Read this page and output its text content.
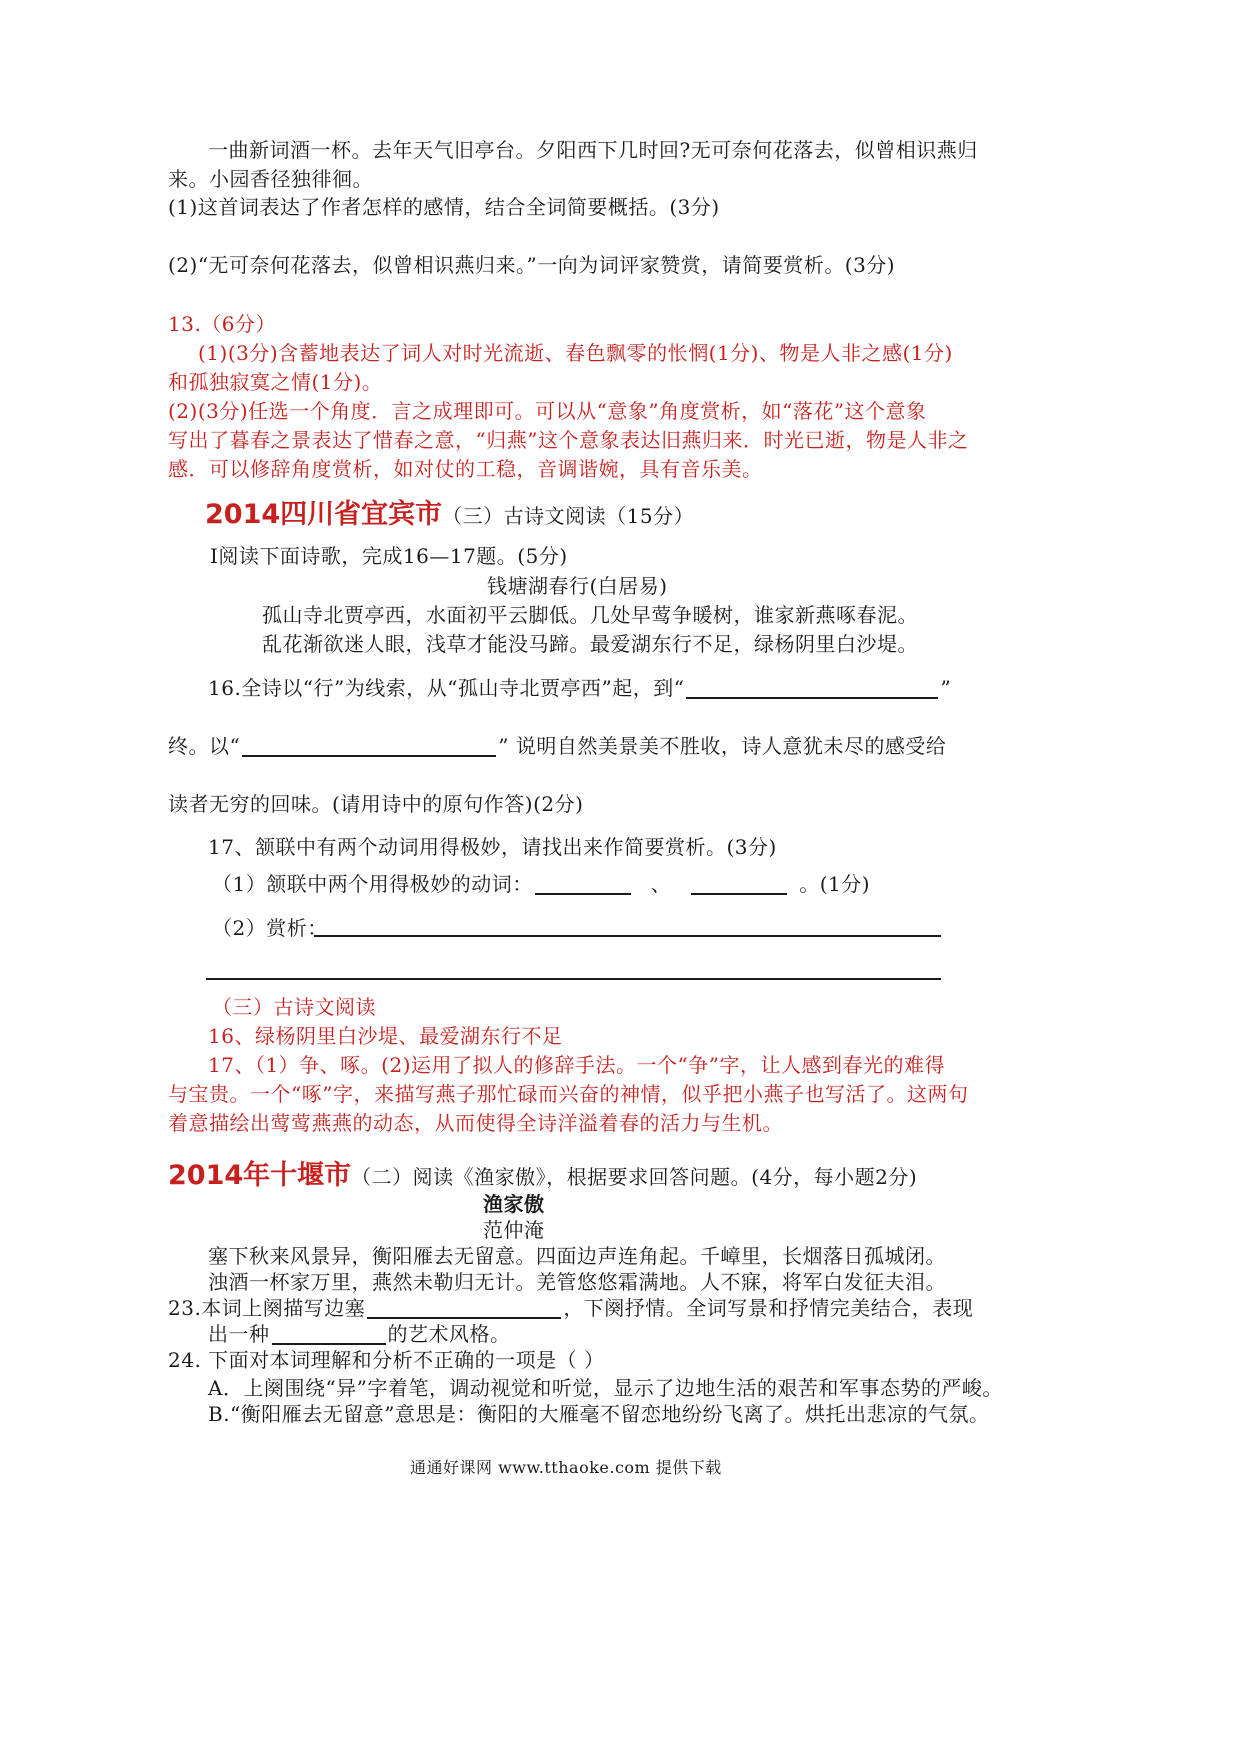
一曲新词酒一杯。去年天气旧亭台。夕阳西下几时回?无可奈何花落去，似曾相识燕归
来。小园香径独徘徊。
(1)这首词表达了作者怎样的感情，结合全词简要概括。(3分)
(2)“无可奈何花落去，似曾相识燕归来。”一向为词评家赞赏，请简要赏析。(3分)
13.（6分）
(1)(3分)含蓄地表达了词人对时光流逝、春色飘零的怅惘(1分)、物是人非之感(1分)
和孤独寂寞之情(1分)。
(2)(3分)任选一个角度．言之成理即可。可以从“意象”角度赏析，如“落花”这个意象
写出了暮春之景表达了惜春之意，“归燕”这个意象表达旧燕归来．时光已逝，物是人非之
感．可以修辞角度赏析，如对仗的工稳，音调谐婉，具有音乐美。
2014四川省宜宾市（三）古诗文阅读（15分）
Ⅰ阅读下面诗歌，完成16—17题。(5分)
钱塘湖春行(白居易)
孤山寺北贾亭西，水面初平云脚低。几处早莺争暖树，谁家新燕啄春泥。
乱花渐欲迷人眼，浅草才能没马蹄。最爱湖东行不足，绿杨阴里白沙堤。
16.全诗以“行”为线索，从“孤山寺北贾亭西”起，到“	”
终。以“	” 说明自然美景美不胜收，诗人意犹未尽的感受给
读者无穷的回味。(请用诗中的原句作答)(2分)
17、颔联中有两个动词用得极妙，请找出来作简要赏析。(3分)
（1）颔联中两个用得极妙的动词：	、	。(1分)
（2）赏析：
（三）古诗文阅读
16、绿杨阴里白沙堤、最爱湖东行不足
17、（1）争、啄。(2)运用了拟人的修辞手法。一个“争”字，让人感到春光的难得
与宝贵。一个“啄”字，来描写燕子那忙碌而兴奋的神情，似乎把小燕子也写活了。这两句
着意描绘出莺莺燕燕的动态，从而使得全诗洋溢着春的活力与生机。
2014年十堰市（二）阅读《渔家傲》，根据要求回答问题。(4分，每小题2分)
渔家傲
范仲淹
塞下秋来风景异，衡阳雁去无留意。四面边声连角起。千嶂里，长烟落日孤城闭。
浊酒一杯家万里，燕然未勒归无计。羌管悠悠霜满地。人不寐，将军白发征夫泪。
23.本词上阕描写边塞	，下阕抒情。全词写景和抒情完美结合，表现
出一种	的艺术风格。
24. 下面对本词理解和分析不正确的一项是（ ）
A．上阕围绕“异”字着笔，调动视觉和听觉，显示了边地生活的艰苦和军事态势的严峻。
B.“衡阳雁去无留意”意思是：衡阳的大雁毫不留恋地纷纷飞离了。烘托出悲凉的气氛。
通通好课网 www.tthaoke.com 提供下载
